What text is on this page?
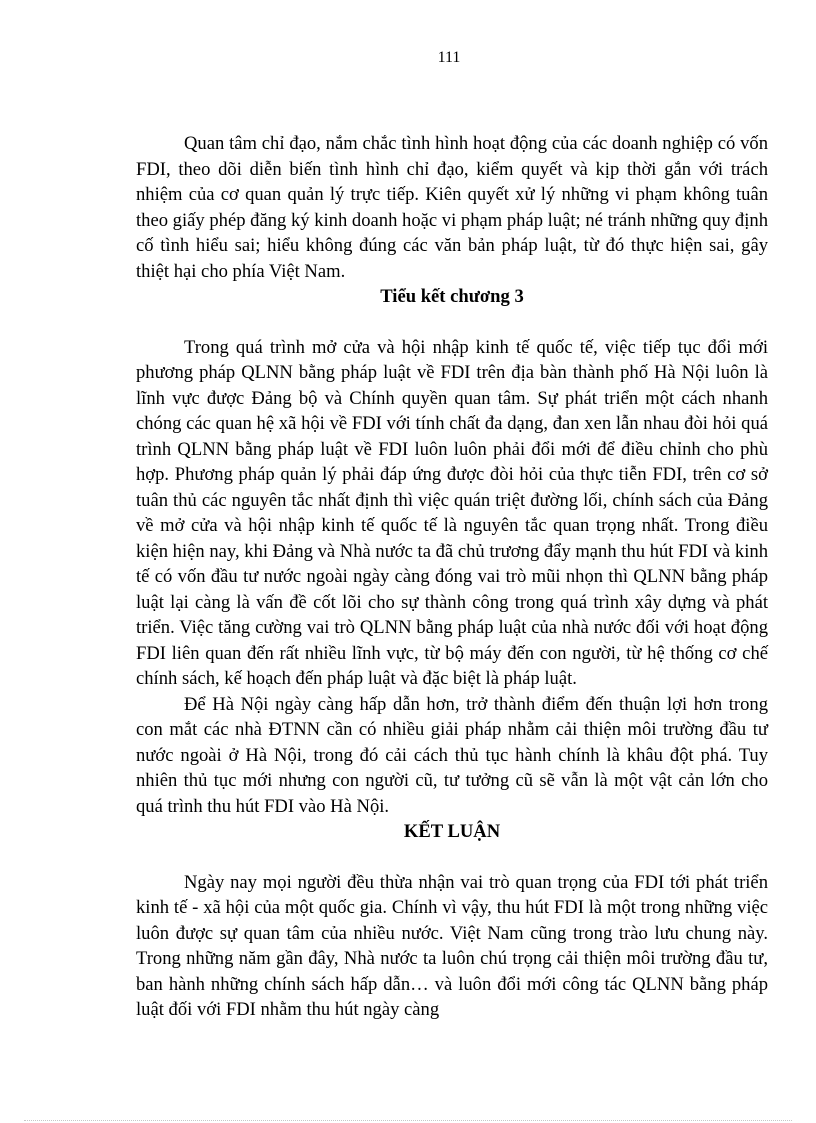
111

Quan tâm chỉ đạo, nắm chắc tình hình hoạt động của các doanh nghiệp có vốn FDI, theo dõi diễn biến tình hình chỉ đạo, kiểm quyết và kịp thời gắn với trách nhiệm của cơ quan quản lý trực tiếp. Kiên quyết xử lý những vi phạm không tuân theo giấy phép đăng ký kinh doanh hoặc vi phạm pháp luật; né tránh những quy định cố tình hiểu sai; hiểu không đúng các văn bản pháp luật, từ đó thực hiện sai, gây thiệt hại cho phía Việt Nam.

Tiểu kết chương 3

Trong quá trình mở cửa và hội nhập kinh tế quốc tế, việc tiếp tục đổi mới phương pháp QLNN bằng pháp luật về FDI trên địa bàn thành phố Hà Nội luôn là lĩnh vực được Đảng bộ và Chính quyền quan tâm. Sự phát triển một cách nhanh chóng các quan hệ xã hội về FDI với tính chất đa dạng, đan xen lẫn nhau đòi hỏi quá trình QLNN bằng pháp luật về FDI luôn luôn phải đổi mới để điều chỉnh cho phù hợp. Phương pháp quản lý phải đáp ứng được đòi hỏi của thực tiễn FDI, trên cơ sở tuân thủ các nguyên tắc nhất định thì việc quán triệt đường lối, chính sách của Đảng về mở cửa và hội nhập kinh tế quốc tế là nguyên tắc quan trọng nhất. Trong điều kiện hiện nay, khi Đảng và Nhà nước ta đã chủ trương đẩy mạnh thu hút FDI và kinh tế có vốn đầu tư nước ngoài ngày càng đóng vai trò mũi nhọn thì QLNN bằng pháp luật lại càng là vấn đề cốt lõi cho sự thành công trong quá trình xây dựng và phát triển. Việc tăng cường vai trò QLNN bằng pháp luật của nhà nước đối với hoạt động FDI liên quan đến rất nhiều lĩnh vực, từ bộ máy đến con người, từ hệ thống cơ chế chính sách, kế hoạch đến pháp luật và đặc biệt là pháp luật.

Để Hà Nội ngày càng hấp dẫn hơn, trở thành điểm đến thuận lợi hơn trong con mắt các nhà ĐTNN cần có nhiều giải pháp nhằm cải thiện môi trường đầu tư nước ngoài ở Hà Nội, trong đó cải cách thủ tục hành chính là khâu đột phá. Tuy nhiên thủ tục mới nhưng con người cũ, tư tưởng cũ sẽ vẫn là một vật cản lớn cho quá trình thu hút FDI vào Hà Nội.

KẾT LUẬN

Ngày nay mọi người đều thừa nhận vai trò quan trọng của FDI tới phát triển kinh tế - xã hội của một quốc gia. Chính vì vậy, thu hút FDI là một trong những việc luôn được sự quan tâm của nhiều nước. Việt Nam cũng trong trào lưu chung này. Trong những năm gần đây, Nhà nước ta luôn chú trọng cải thiện môi trường đầu tư, ban hành những chính sách hấp dẫn… và luôn đổi mới công tác QLNN bằng pháp luật đối với FDI nhằm thu hút ngày càng
